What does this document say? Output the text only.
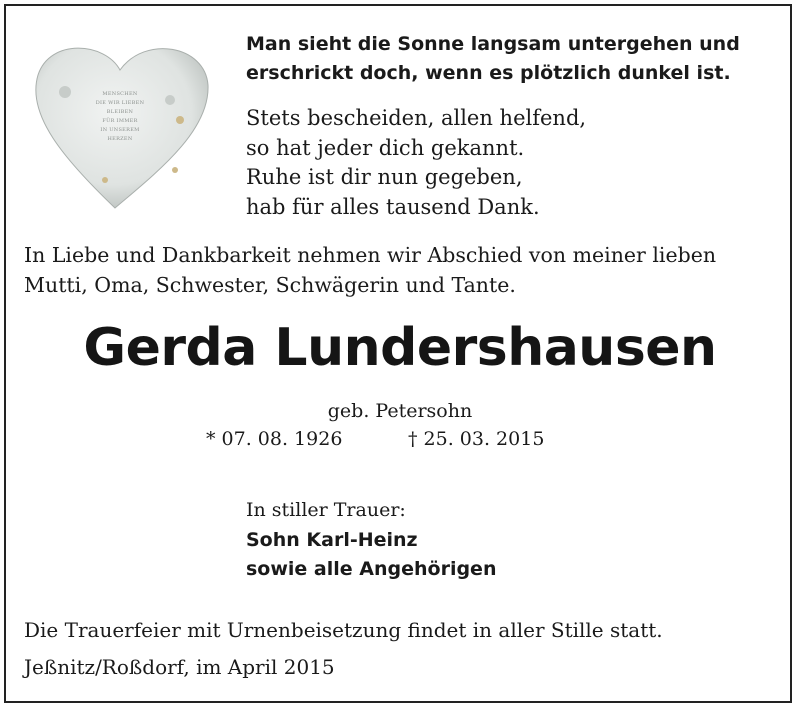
MENSCHEN
DIE WIR LIEBEN
BLEIBEN
FÜR IMMER
IN UNSEREM
HERZEN
Man sieht die Sonne langsam untergehen und
erschrickt doch, wenn es plötzlich dunkel ist.
Stets bescheiden, allen helfend,
so hat jeder dich gekannt.
Ruhe ist dir nun gegeben,
hab für alles tausend Dank.
In Liebe und Dankbarkeit nehmen wir Abschied von meiner lieben
Mutti, Oma, Schwester, Schwägerin und Tante.
Gerda Lundershausen
geb. Petersohn
* 07. 08. 1926	† 25. 03. 2015
In stiller Trauer:
Sohn Karl-Heinz
sowie alle Angehörigen
Die Trauerfeier mit Urnenbeisetzung findet in aller Stille statt.
Jeßnitz/Roßdorf, im April 2015
